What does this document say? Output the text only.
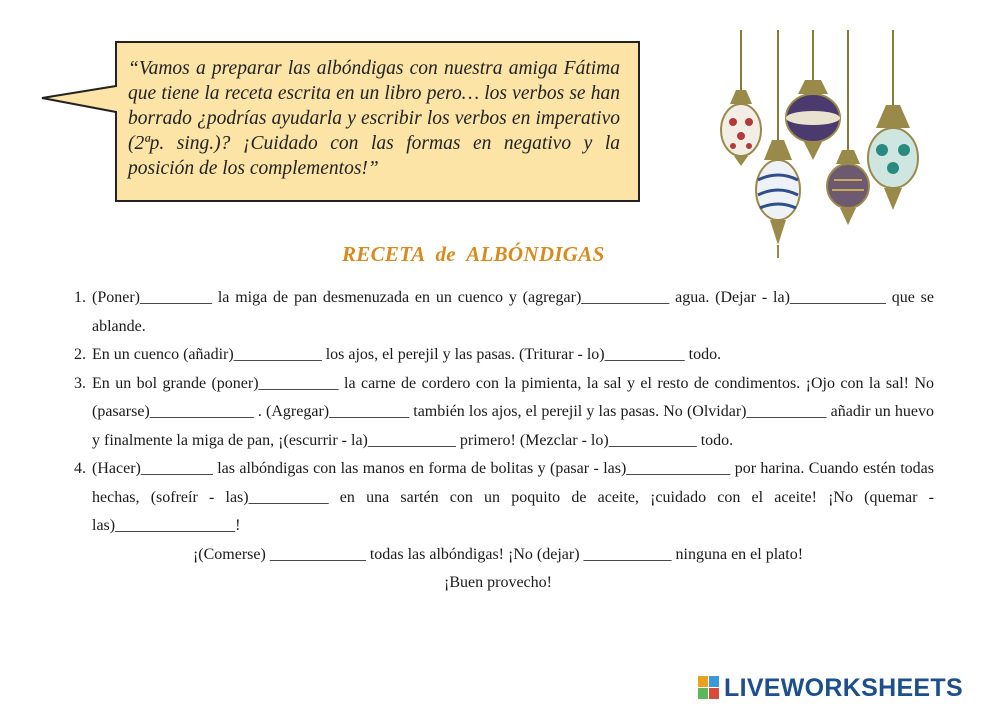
“Vamos a preparar las albóndigas con nuestra amiga Fátima que tiene la receta escrita en un libro pero… los verbos se han borrado ¿podrías ayudarla y escribir los verbos en imperativo (2ªp. sing.)? ¡Cuidado con las formas en negativo y la posición de los complementos!”
RECETA  de  ALBÓNDIGAS
1. (Poner)_________ la miga de pan desmenuzada en un cuenco y (agregar)___________ agua. (Dejar - la)____________ que se ablande.
2. En un cuenco (añadir)___________ los ajos, el perejil y las pasas. (Triturar - lo)__________ todo.
3. En un bol grande (poner)__________ la carne de cordero con la pimienta, la sal y el resto de condimentos. ¡Ojo con la sal! No (pasarse)_____________ . (Agregar)__________ también los ajos, el perejil y las pasas. No (Olvidar)__________ añadir un huevo y finalmente la miga de pan, ¡(escurrir - la)___________ primero! (Mezclar - lo)___________ todo.
4. (Hacer)_________ las albóndigas con las manos en forma de bolitas y (pasar - las)_____________ por harina. Cuando estén todas hechas, (sofreír - las)__________ en una sartén con un poquito de aceite, ¡cuidado con el aceite! ¡No (quemar - las)_______________!
¡(Comerse) ____________ todas las albóndigas! ¡No (dejar) ___________ ninguna en el plato!
¡Buen provecho!
LIVEWORKSHEETS
